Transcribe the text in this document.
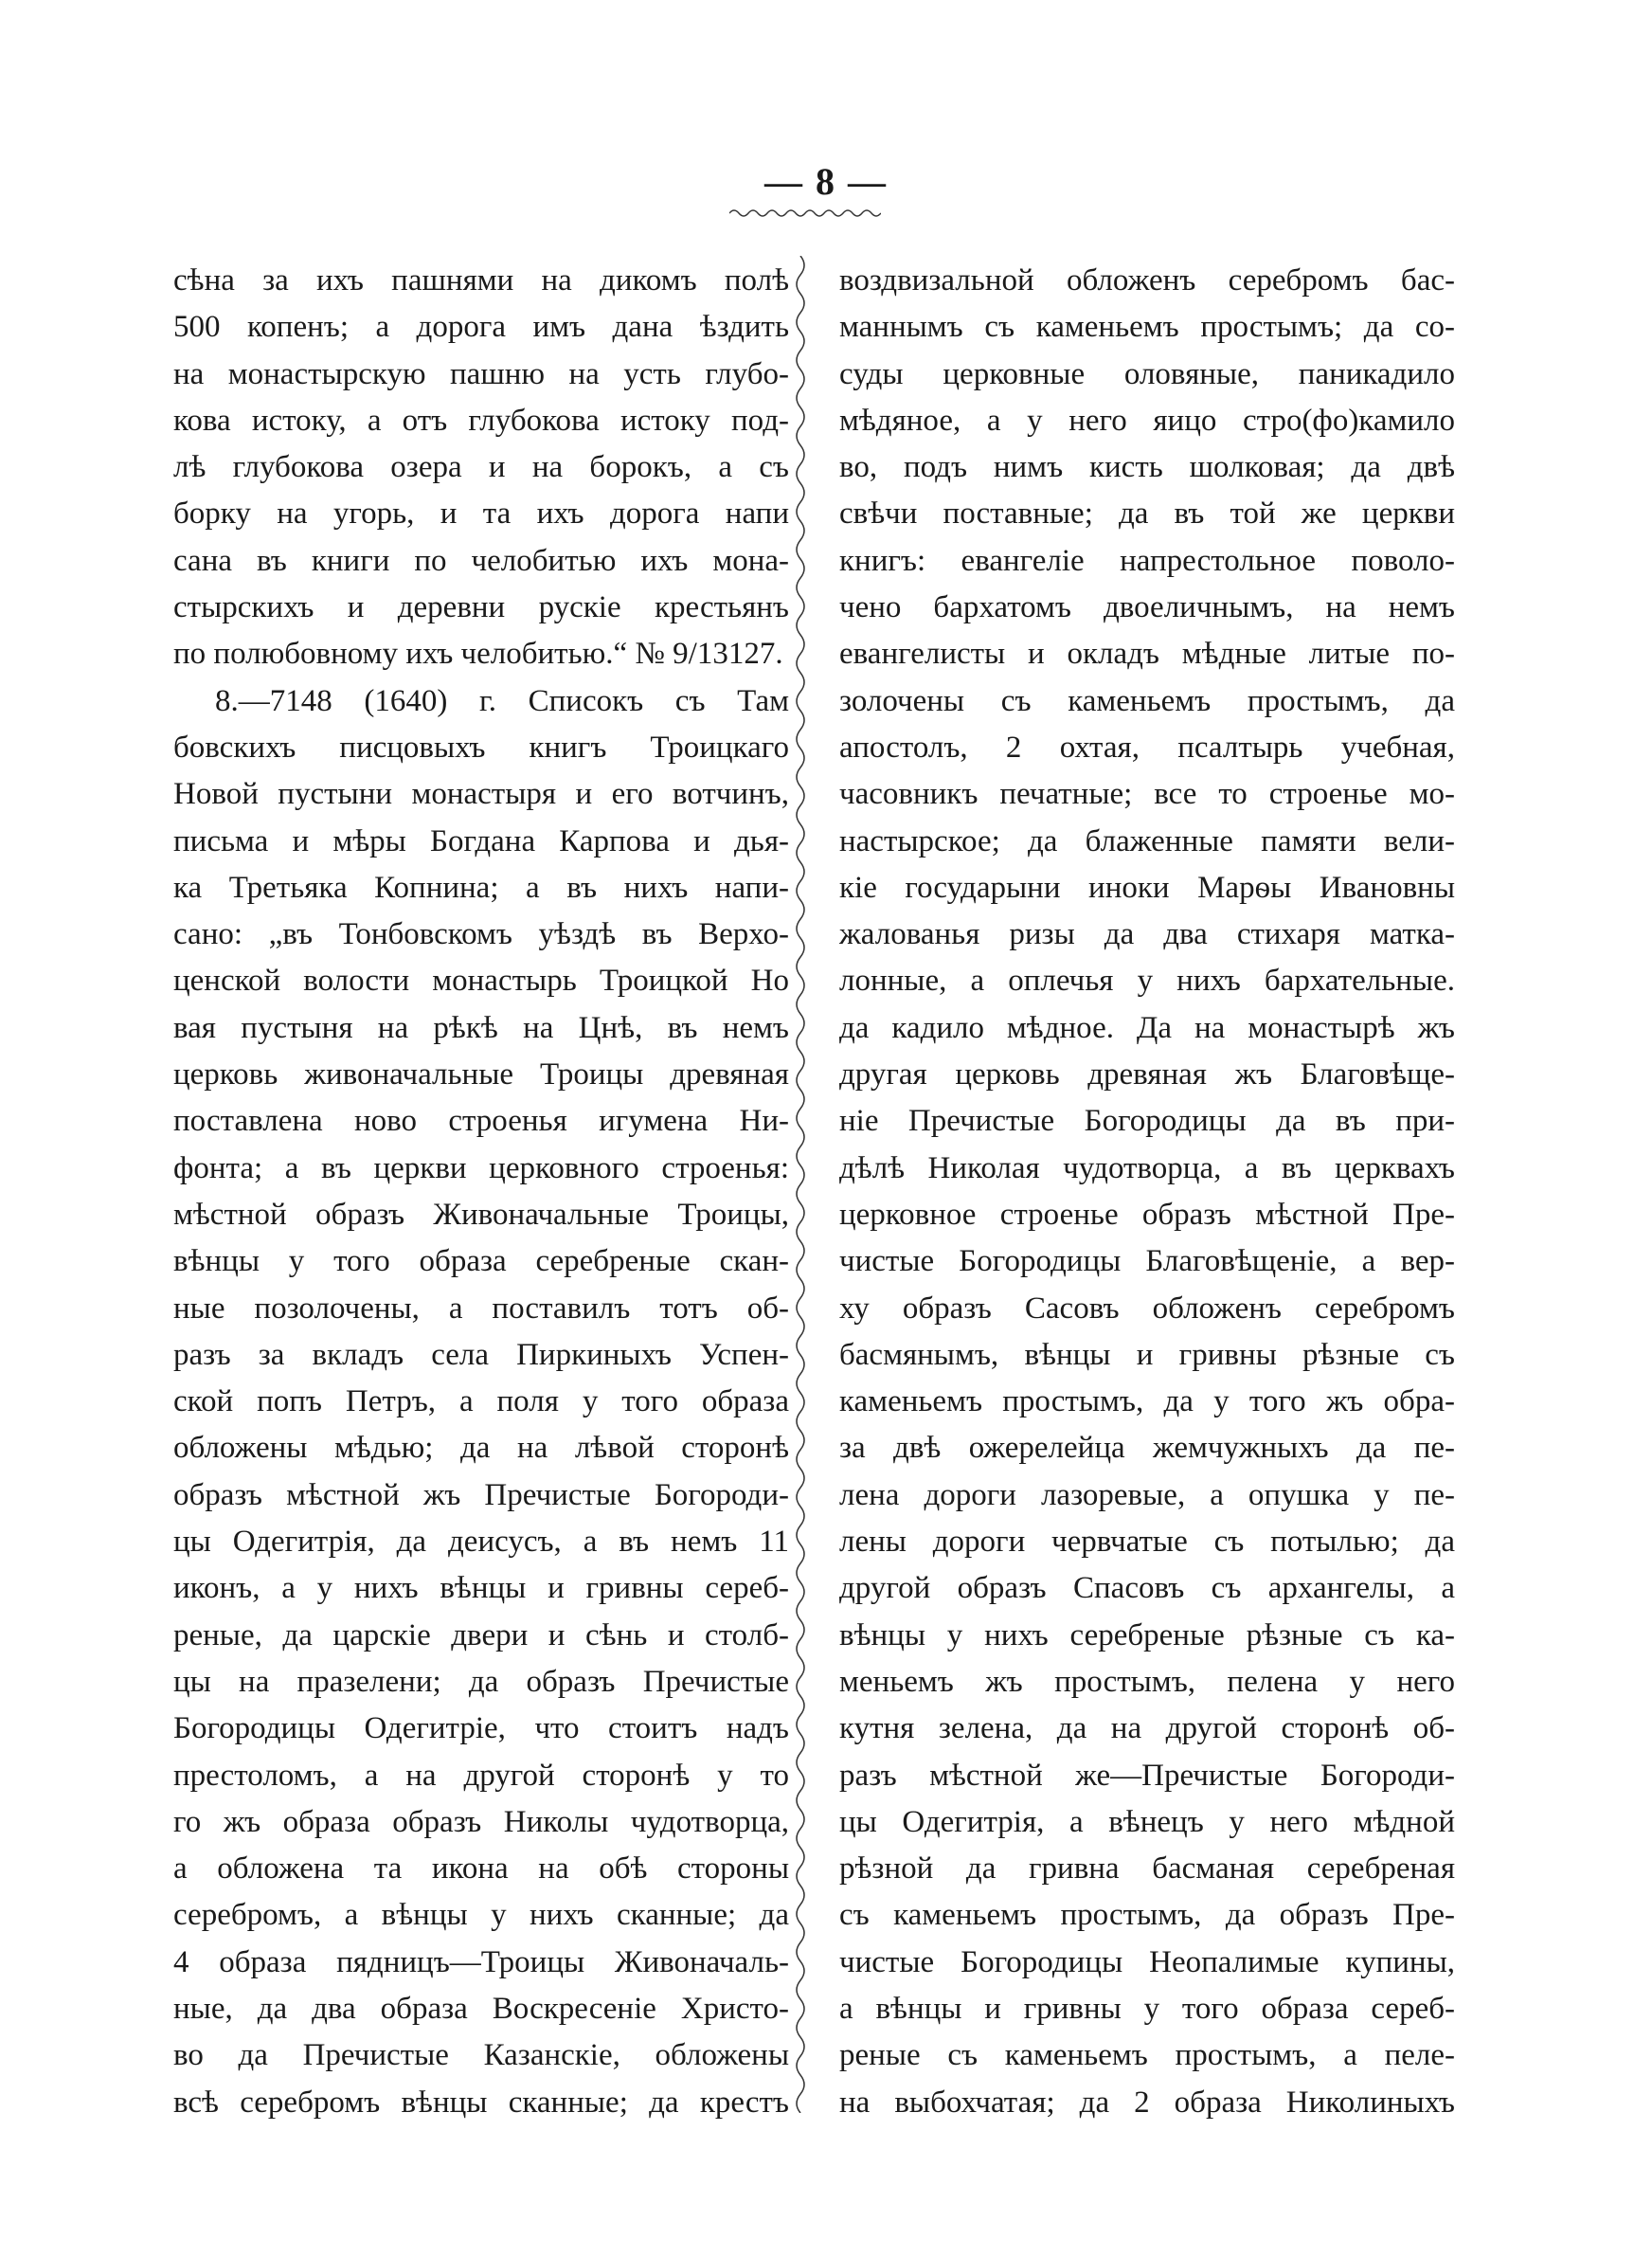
— 8 —
сѣна за ихъ пашнями на дикомъ полѣ
500 копенъ; а дорога имъ дана ѣздить
на монастырскую пашню на усть глубо-
кова истоку, а отъ глубокова истоку под-
лѣ глубокова озера и на борокъ, а съ
борку на угорь, и та ихъ дорога напи
сана въ книги по челобитью ихъ мона-
стырскихъ и деревни рускіе крестьянъ
по полюбовному ихъ челобитью.“ № 9/13127.
8.—7148 (1640) г. Списокъ съ Там
бовскихъ писцовыхъ книгъ Троицкаго
Новой пустыни монастыря и его вотчинъ,
письма и мѣры Богдана Карпова и дья-
ка Третьяка Копнина; а въ нихъ напи-
сано: „въ Тонбовскомъ уѣздѣ въ Верхо-
ценской волости монастырь Троицкой Но
вая пустыня на рѣкѣ на Цнѣ, въ немъ
церковь живоначальные Троицы древяная
поставлена ново строенья игумена Ни-
фонта; а въ церкви церковного строенья:
мѣстной образъ Живоначальные Троицы,
вѣнцы у того образа серебреные скан-
ные позолочены, а поставилъ тотъ об-
разъ за вкладъ села Пиркиныхъ Успен-
ской попъ Петръ, а поля у того образа
обложены мѣдью; да на лѣвой сторонѣ
образъ мѣстной жъ Пречистые Богороди-
цы Одегитрія, да деисусъ, а въ немъ 11
иконъ, а у нихъ вѣнцы и гривны сереб-
реные, да царскіе двери и сѣнь и столб-
цы на празелени; да образъ Пречистые
Богородицы Одегитріе, что стоитъ надъ
престоломъ, а на другой сторонѣ у то
го жъ образа образъ Николы чудотворца,
а обложена та икона на обѣ стороны
серебромъ, а вѣнцы у нихъ сканные; да
4 образа пядницъ—Троицы Живоначаль-
ные, да два образа Воскресеніе Христо-
во да Пречистые Казанскіе, обложены
всѣ серебромъ вѣнцы сканные; да крестъ
воздвизальной обложенъ серебромъ бас-
маннымъ съ каменьемъ простымъ; да со-
суды церковные оловяные, паникадило
мѣдяное, а у него яицо стро(фо)камило
во, подъ нимъ кисть шолковая; да двѣ
свѣчи поставные; да въ той же церкви
книгъ: евангеліе напрестольное поволо-
чено бархатомъ двоеличнымъ, на немъ
евангелисты и окладъ мѣдные литые по-
золочены съ каменьемъ простымъ, да
апостолъ, 2 охтая, псалтырь учебная,
часовникъ печатные; все то строенье мо-
настырское; да блаженные памяти вели-
кіе государыни иноки Марѳы Ивановны
жалованья ризы да два стихаря матка-
лонные, а оплечья у нихъ бархательные.
да кадило мѣдное. Да на монастырѣ жъ
другая церковь древяная жъ Благовѣще-
ніе Пречистые Богородицы да въ при-
дѣлѣ Николая чудотворца, а въ церквахъ
церковное строенье образъ мѣстной Пре-
чистые Богородицы Благовѣщеніе, а вер-
ху образъ Сасовъ обложенъ серебромъ
басмянымъ, вѣнцы и гривны рѣзные съ
каменьемъ простымъ, да у того жъ обра-
за двѣ ожерелейца жемчужныхъ да пе-
лена дороги лазоревые, а опушка у пе-
лены дороги червчатые съ потылью; да
другой образъ Спасовъ съ архангелы, а
вѣнцы у нихъ серебреные рѣзные съ ка-
меньемъ жъ простымъ, пелена у него
кутня зелена, да на другой сторонѣ об-
разъ мѣстной же—Пречистые Богороди-
цы Одегитрія, а вѣнецъ у него мѣдной
рѣзной да гривна басманая серебреная
съ каменьемъ простымъ, да образъ Пре-
чистые Богородицы Неопалимые купины,
а вѣнцы и гривны у того образа сереб-
реные съ каменьемъ простымъ, а пеле-
на выбохчатая; да 2 образа Николиныхъ
